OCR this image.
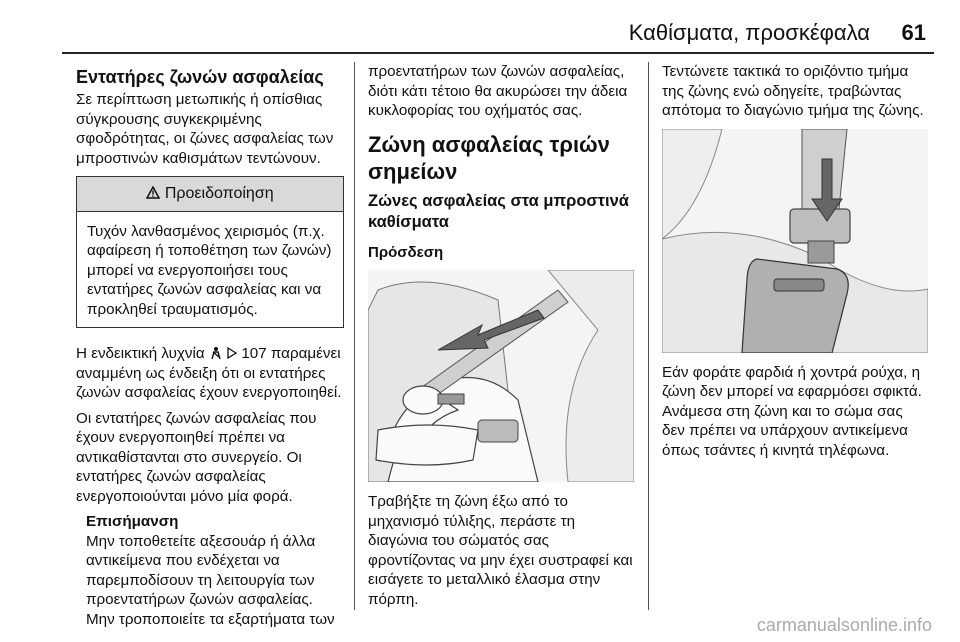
Καθίσματα, προσκέφαλα 61
Εντατήρες ζωνών ασφαλείας

Σε περίπτωση μετωπικής ή οπίσθιας σύγκρουσης συγκεκριμένης σφοδρότητας, οι ζώνες ασφαλείας των μπροστινών καθισμάτων τεντώνουν.

Προειδοποίηση
Τυχόν λανθασμένος χειρισμός (π.χ. αφαίρεση ή τοποθέτηση των ζωνών) μπορεί να ενεργοποιήσει τους εντατήρες ζωνών ασφαλείας και να προκληθεί τραυματισμός.

Η ενδεικτική λυχνία 107 παραμένει αναμμένη ως ένδειξη ότι οι εντατήρες ζωνών ασφαλείας έχουν ενεργοποιηθεί.

Οι εντατήρες ζωνών ασφαλείας που έχουν ενεργοποιηθεί πρέπει να αντικαθίστανται στο συνεργείο. Οι εντατήρες ζωνών ασφαλείας ενεργοποιούνται μόνο μία φορά.

Επισήμανση
Μην τοποθετείτε αξεσουάρ ή άλλα αντικείμενα που ενδέχεται να παρεμποδίσουν τη λειτουργία των προεντατήρων ζωνών ασφαλείας. Μην τροποποιείτε τα εξαρτήματα των

προεντατήρων των ζωνών ασφαλείας, διότι κάτι τέτοιο θα ακυρώσει την άδεια κυκλοφορίας του οχήματός σας.

Ζώνη ασφαλείας τριών σημείων
Ζώνες ασφαλείας στα μπροστινά καθίσματα
Πρόσδεση

Τραβήξτε τη ζώνη έξω από το μηχανισμό τύλιξης, περάστε τη διαγώνια του σώματός σας φροντίζοντας να μην έχει συστραφεί και εισάγετε το μεταλλικό έλασμα στην πόρπη.

Τεντώνετε τακτικά το οριζόντιο τμήμα της ζώνης ενώ οδηγείτε, τραβώντας απότομα το διαγώνιο τμήμα της ζώνης.

Εάν φοράτε φαρδιά ή χοντρά ρούχα, η ζώνη δεν μπορεί να εφαρμόσει σφικτά. Ανάμεσα στη ζώνη και το σώμα σας δεν πρέπει να υπάρχουν αντικείμενα όπως τσάντες ή κινητά τηλέφωνα.

carmanualsonline.info
